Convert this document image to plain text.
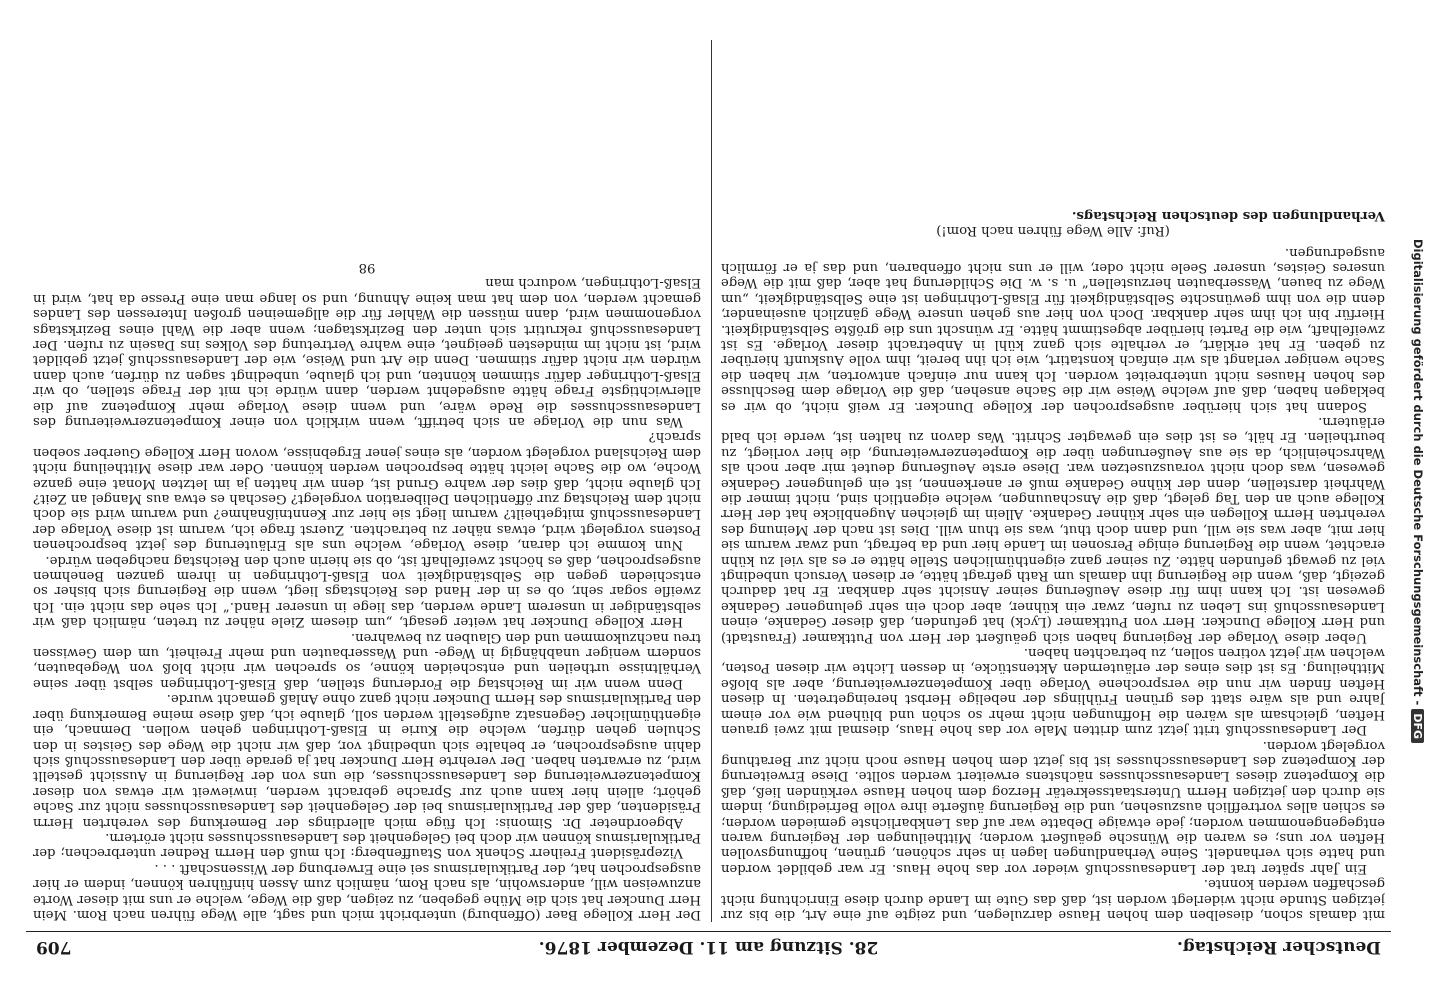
Deutscher Reichstag.
28. Sitzung am 11. Dezember 1876.
709

mit damals schon, dieselben dem hohen Hause darzulegen, und zeigte auf eine Art, die bis zur jetzigen Stunde nicht widerlegt worden ist, daß das Gute im Lande durch diese Einrichtung nicht geschaffen werden konnte.

Ein Jahr später trat der Landesausschuß wieder vor das hohe Haus. Er war gebildet worden und hatte sich verhandelt. Seine Verhandlungen lagen in sehr schönen, grünen, hoffnungsvollen Heften vor uns; es waren die Wünsche geäußert worden; Mittheilungen der Regierung waren entgegengenommen worden; jede etwaige Debatte war auf das Lenkbarlichste gemieden worden; es schien alles vortrefflich auszusehen, und die Regierung äußerte ihre volle Befriedigung, indem sie durch den jetzigen Herrn Unterstaatssekretär Herzog dem hohen Hause verkünden ließ, daß die Kompetenz dieses Landesausschusses nächstens erweitert werden sollte. Diese Erweiterung der Kompetenz des Landesausschusses ist bis jetzt dem hohen Hause noch nicht zur Berathung vorgelegt worden.

Der Landesausschuß tritt jetzt zum dritten Male vor das hohe Haus, diesmal mit zwei grauen Heften, gleichsam als wären die Hoffnungen nicht mehr so schön und blühend wie vor einem Jahre und als wäre statt des grünen Frühlings der nebelige Herbst hereingetreten. In diesen Heften finden wir nun die versprochene Vorlage über Kompetenzerweiterung, aber als bloße Mittheilung. Es ist dies eines der erläuternden Aktenstücke, in dessen Lichte wir diesen Posten, welchen wir jetzt votiren sollen, zu betrachten haben.

Ueber diese Vorlage der Regierung haben sich geäußert der Herr von Puttkamer (Fraustadt) und Herr Kollege Duncker. Herr von Puttkamer (Lyck) hat gefunden, daß dieser Gedanke, einen Landesausschuß ins Leben zu rufen, zwar ein kühner, aber doch ein sehr gelungener Gedanke gewesen ist. Ich kann ihm für diese Aeußerung seiner Ansicht sehr dankbar. Er hat dadurch gezeigt, daß, wenn die Regierung ihn damals um Rath gefragt hätte, er diesen Versuch unbedingt viel zu gewagt gefunden hätte. Zu seiner ganz eigenthümlichen Stelle hätte er es als viel zu kühn erachtet, wenn die Regierung einige Personen im Lande hier und da befragt, und zwar warum sie hier mit, aber was sie will, und dann doch thut, was sie thun will. Dies ist nach der Meinung des verehrten Herrn Kollegen ein sehr kühner Gedanke. Allein im gleichen Augenblicke hat der Herr Kollege auch an den Tag gelegt, daß die Anschauungen, welche eigentlich sind, nicht immer die Wahrheit darstellen, denn der kühne Gedanke muß er anerkennen, ist ein gelungener Gedanke gewesen, was doch nicht vorauszusetzen war. Diese erste Aeußerung deutet mir aber noch als Wahrscheinlich, da sie aus Aeußerungen über die Kompetenzerweiterung, die hier vorliegt, zu beurtheilen. Er hält, es ist dies ein gewagter Schritt. Was davon zu halten ist, werde ich bald erläutern.

Sodann hat sich hierüber ausgesprochen der Kollege Duncker. Er weiß nicht, ob wir es beklagen haben, daß auf welche Weise wir die Sache ansehen, daß die Vorlage dem Beschlusse des hohen Hauses nicht unterbreitet worden. Ich kann nur einfach antworten, wir haben die Sache weniger verlangt als wir einfach konstatirt, wie ich ihn bereit, ihm volle Auskunft hierüber zu geben. Er hat erklärt, er verhalte sich ganz kühl in Anbetracht dieser Vorlage. Es ist zweifelhaft, wie die Partei hierüber abgestimmt hätte. Er wünscht uns die größte Selbständigkeit. Hierfür bin ich ihm sehr dankbar. Doch von hier aus gehen unsere Wege gänzlich auseinander, denn die von ihm gewünschte Selbständigkeit für Elsaß-Lothringen ist eine Selbständigkeit, „um Wege zu bauen, Wasserbauten herzustellen“ u. s. w. Die Schilderung hat aber, daß mit die Wege unseres Geistes, unserer Seele nicht oder, will er uns nicht offenbaren, und das ja er förmlich ausgedrungen.

(Ruf: Alle Wege führen nach Rom!)

Verhandlungen des deutschen Reichstags.

Der Herr Kollege Baer (Offenburg) unterbricht mich und sagt, alle Wege führen nach Rom. Mein Herr Duncker hat sich die Mühe gegeben, zu zeigen, daß die Wege, welche er uns mit dieser Worte anzuweisen will, anderswohin, als nach Rom, nämlich zum Assen hinführen können, indem er hier ausgesprochen hat, der Partikularismus sei eine Erwerbung der Wissenschaft . . .

Vizepräsident Freiherr Schenk von Stauffenberg: Ich muß den Herrn Redner unterbrechen; der Partikularismus können wir doch bei Gelegenheit des Landesausschusses nicht erörtern.

Abgeordneter Dr. Simonis: Ich füge mich allerdings der Bemerkung des verehrten Herrn Präsidenten, daß der Partikularismus bei der Gelegenheit des Landesausschusses nicht zur Sache gehört; allein hier kann auch zur Sprache gebracht werden, inwieweit wir etwas von dieser Kompetenzerweiterung des Landesausschusses, die uns von der Regierung in Aussicht gestellt wird, zu erwarten haben. Der verehrte Herr Duncker hat ja gerade über den Landesausschuß sich dahin ausgesprochen, er behalte sich unbedingt vor, daß wir nicht die Wege des Geistes in den Schulen gehen dürfen, welche die Kurie in Elsaß-Lothringen gehen wollen. Demnach, ein eigenthümlicher Gegensatz aufgestellt werden soll, glaube ich, daß diese meine Bemerkung über den Partikularismus des Herrn Duncker nicht ganz ohne Anlaß gemacht wurde.

Denn wenn wir im Reichstag die Forderung stellen, daß Elsaß-Lothringen selbst über seine Verhältnisse urtheilen und entscheiden könne, so sprechen wir nicht bloß von Wegebauten, sondern weniger unabhängig in Wege- und Wasserbauten und mehr Freiheit, um dem Gewissen treu nachzukommen und den Glauben zu bewahren.

Herr Kollege Duncker hat weiter gesagt, „um diesem Ziele näher zu treten, nämlich daß wir selbständiger in unserem Lande werden, das liege in unserer Hand.“ Ich sehe das nicht ein. Ich zweifle sogar sehr, ob es in der Hand des Reichstags liegt, wenn die Regierung sich bisher so entschieden gegen die Selbständigkeit von Elsaß-Lothringen in ihrem ganzen Benehmen ausgesprochen, daß es höchst zweifelhaft ist, ob sie hierin auch den Reichstag nachgeben würde.

Nun komme ich daran, diese Vorlage, welche uns als Erläuterung des jetzt besprochenen Postens vorgelegt wird, etwas näher zu betrachten. Zuerst frage ich, warum ist diese Vorlage der Landesausschuß mitgetheilt? warum liegt sie hier zur Kenntnißnahme? und warum wird sie doch nicht dem Reichstag zur öffentlichen Deliberation vorgelegt? Geschah es etwa aus Mangel an Zeit? Ich glaube nicht, daß dies der wahre Grund ist, denn wir hatten ja im letzten Monat eine ganze Woche, wo die Sache leicht hätte besprochen werden können. Oder war diese Mittheilung nicht dem Reichsland vorgelegt worden, als eines jener Ergebnisse, wovon Herr Kollege Guerber soeben sprach?

Was nun die Vorlage an sich betrifft, wenn wirklich von einer Kompetenzerweiterung des Landesausschusses die Rede wäre, und wenn diese Vorlage mehr Kompetenz auf die allerwichtigste Frage hätte ausgedehnt werden, dann würde ich mit der Frage stellen, ob wir Elsaß-Lothringer dafür stimmen könnten, und ich glaube, unbedingt sagen zu dürfen, auch dann würden wir nicht dafür stimmen. Denn die Art und Weise, wie der Landesausschuß jetzt gebildet wird, ist nicht im mindesten geeignet, eine wahre Vertretung des Volkes ins Dasein zu rufen. Der Landesausschuß rekrutirt sich unter den Bezirkstagen; wenn aber die Wahl eines Bezirkstags vorgenommen wird, dann müssen die Wähler für die allgemeinen großen Interessen des Landes gemacht werden, von dem hat man keine Ahnung, und so lange man eine Presse da hat, wird in Elsaß-Lothringen, wodurch man

98	Digitalisierung gefördert durch die Deutsche Forschungsgemeinschaft -DFG
